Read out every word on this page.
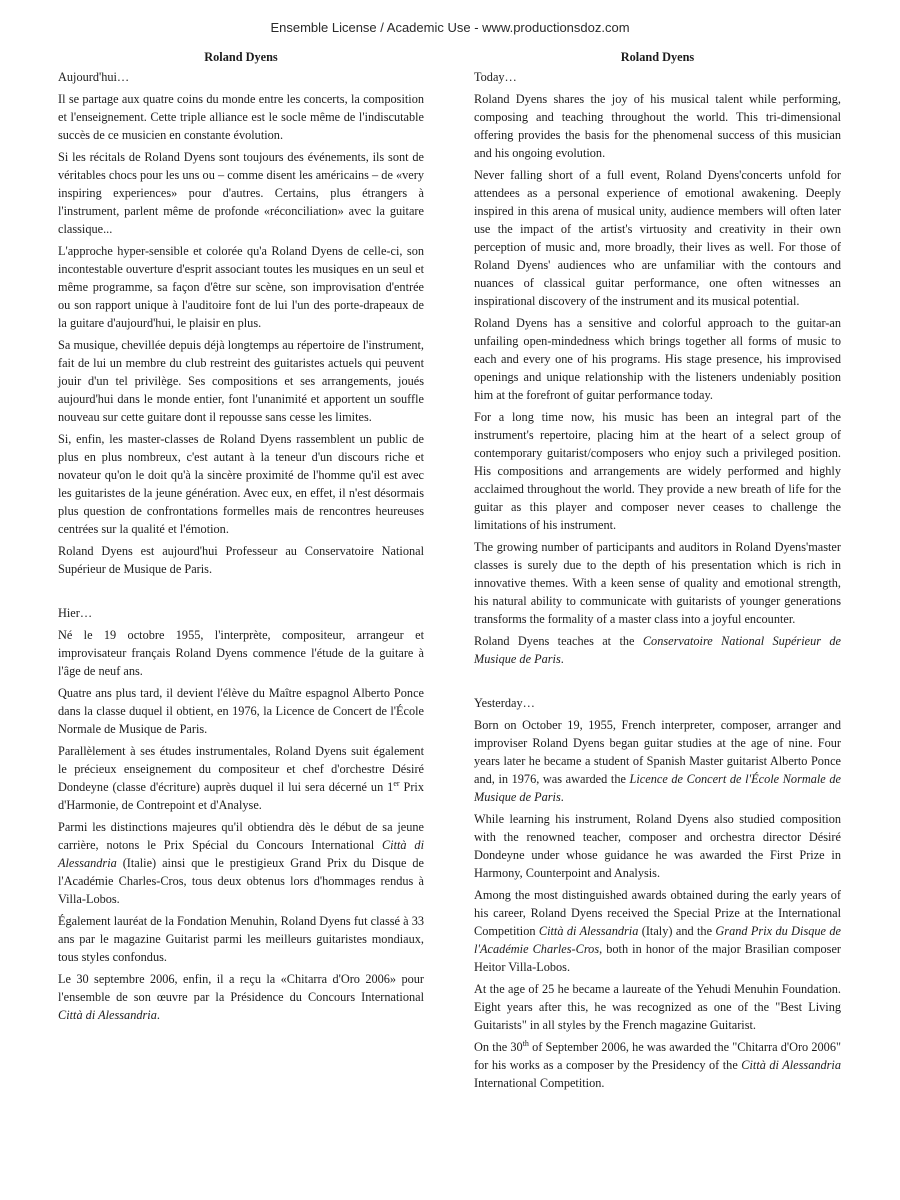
Ensemble License / Academic Use - www.productionsdoz.com
Roland Dyens

Aujourd'hui…

Il se partage aux quatre coins du monde entre les concerts, la composition et l'enseignement. Cette triple alliance est le socle même de l'indiscutable succès de ce musicien en constante évolution.

Si les récitals de Roland Dyens sont toujours des événements, ils sont de véritables chocs pour les uns ou – comme disent les américains – de «very inspiring experiences» pour d'autres. Certains, plus étrangers à l'instrument, parlent même de profonde «réconciliation» avec la guitare classique...

L'approche hyper-sensible et colorée qu'a Roland Dyens de celle-ci, son incontestable ouverture d'esprit associant toutes les musiques en un seul et même programme, sa façon d'être sur scène, son improvisation d'entrée ou son rapport unique à l'auditoire font de lui l'un des porte-drapeaux de la guitare d'aujourd'hui, le plaisir en plus.

Sa musique, chevillée depuis déjà longtemps au répertoire de l'instrument, fait de lui un membre du club restreint des guitaristes actuels qui peuvent jouir d'un tel privilège. Ses compositions et ses arrangements, joués aujourd'hui dans le monde entier, font l'unanimité et apportent un souffle nouveau sur cette guitare dont il repousse sans cesse les limites.

Si, enfin, les master-classes de Roland Dyens rassemblent un public de plus en plus nombreux, c'est autant à la teneur d'un discours riche et novateur qu'on le doit qu'à la sincère proximité de l'homme qu'il est avec les guitaristes de la jeune génération. Avec eux, en effet, il n'est désormais plus question de confrontations formelles mais de rencontres heureuses centrées sur la qualité et l'émotion.

Roland Dyens est aujourd'hui Professeur au Conservatoire National Supérieur de Musique de Paris.

Hier…

Né le 19 octobre 1955, l'interprète, compositeur, arrangeur et improvisateur français Roland Dyens commence l'étude de la guitare à l'âge de neuf ans.

Quatre ans plus tard, il devient l'élève du Maître espagnol Alberto Ponce dans la classe duquel il obtient, en 1976, la Licence de Concert de l'École Normale de Musique de Paris.

Parallèlement à ses études instrumentales, Roland Dyens suit également le précieux enseignement du compositeur et chef d'orchestre Désiré Dondeyne (classe d'écriture) auprès duquel il lui sera décerné un 1er Prix d'Harmonie, de Contrepoint et d'Analyse.

Parmi les distinctions majeures qu'il obtiendra dès le début de sa jeune carrière, notons le Prix Spécial du Concours International Città di Alessandria (Italie) ainsi que le prestigieux Grand Prix du Disque de l'Académie Charles-Cros, tous deux obtenus lors d'hommages rendus à Villa-Lobos.

Également lauréat de la Fondation Menuhin, Roland Dyens fut classé à 33 ans par le magazine Guitarist parmi les meilleurs guitaristes mondiaux, tous styles confondus.

Le 30 septembre 2006, enfin, il a reçu la «Chitarra d'Oro 2006» pour l'ensemble de son œuvre par la Présidence du Concours International Città di Alessandria.

Roland Dyens

Today…

Roland Dyens shares the joy of his musical talent while performing, composing and teaching throughout the world. This tri-dimensional offering provides the basis for the phenomenal success of this musician and his ongoing evolution.

Never falling short of a full event, Roland Dyens'concerts unfold for attendees as a personal experience of emotional awakening. Deeply inspired in this arena of musical unity, audience members will often later use the impact of the artist's virtuosity and creativity in their own perception of music and, more broadly, their lives as well. For those of Roland Dyens' audiences who are unfamiliar with the contours and nuances of classical guitar performance, one often witnesses an inspirational discovery of the instrument and its musical potential.

Roland Dyens has a sensitive and colorful approach to the guitar-an unfailing open-mindedness which brings together all forms of music to each and every one of his programs. His stage presence, his improvised openings and unique relationship with the listeners undeniably position him at the forefront of guitar performance today.

For a long time now, his music has been an integral part of the instrument's repertoire, placing him at the heart of a select group of contemporary guitarist/composers who enjoy such a privileged position. His compositions and arrangements are widely performed and highly acclaimed throughout the world. They provide a new breath of life for the guitar as this player and composer never ceases to challenge the limitations of his instrument.

The growing number of participants and auditors in Roland Dyens'master classes is surely due to the depth of his presentation which is rich in innovative themes. With a keen sense of quality and emotional strength, his natural ability to communicate with guitarists of younger generations transforms the formality of a master class into a joyful encounter.

Roland Dyens teaches at the Conservatoire National Supérieur de Musique de Paris.

Yesterday…

Born on October 19, 1955, French interpreter, composer, arranger and improviser Roland Dyens began guitar studies at the age of nine. Four years later he became a student of Spanish Master guitarist Alberto Ponce and, in 1976, was awarded the Licence de Concert de l'École Normale de Musique de Paris.

While learning his instrument, Roland Dyens also studied composition with the renowned teacher, composer and orchestra director Désiré Dondeyne under whose guidance he was awarded the First Prize in Harmony, Counterpoint and Analysis.

Among the most distinguished awards obtained during the early years of his career, Roland Dyens received the Special Prize at the International Competition Città di Alessandria (Italy) and the Grand Prix du Disque de l'Académie Charles-Cros, both in honor of the major Brasilian composer Heitor Villa-Lobos.

At the age of 25 he became a laureate of the Yehudi Menuhin Foundation. Eight years after this, he was recognized as one of the "Best Living Guitarists" in all styles by the French magazine Guitarist.

On the 30th of September 2006, he was awarded the "Chitarra d'Oro 2006" for his works as a composer by the Presidency of the Città di Alessandria International Competition.
